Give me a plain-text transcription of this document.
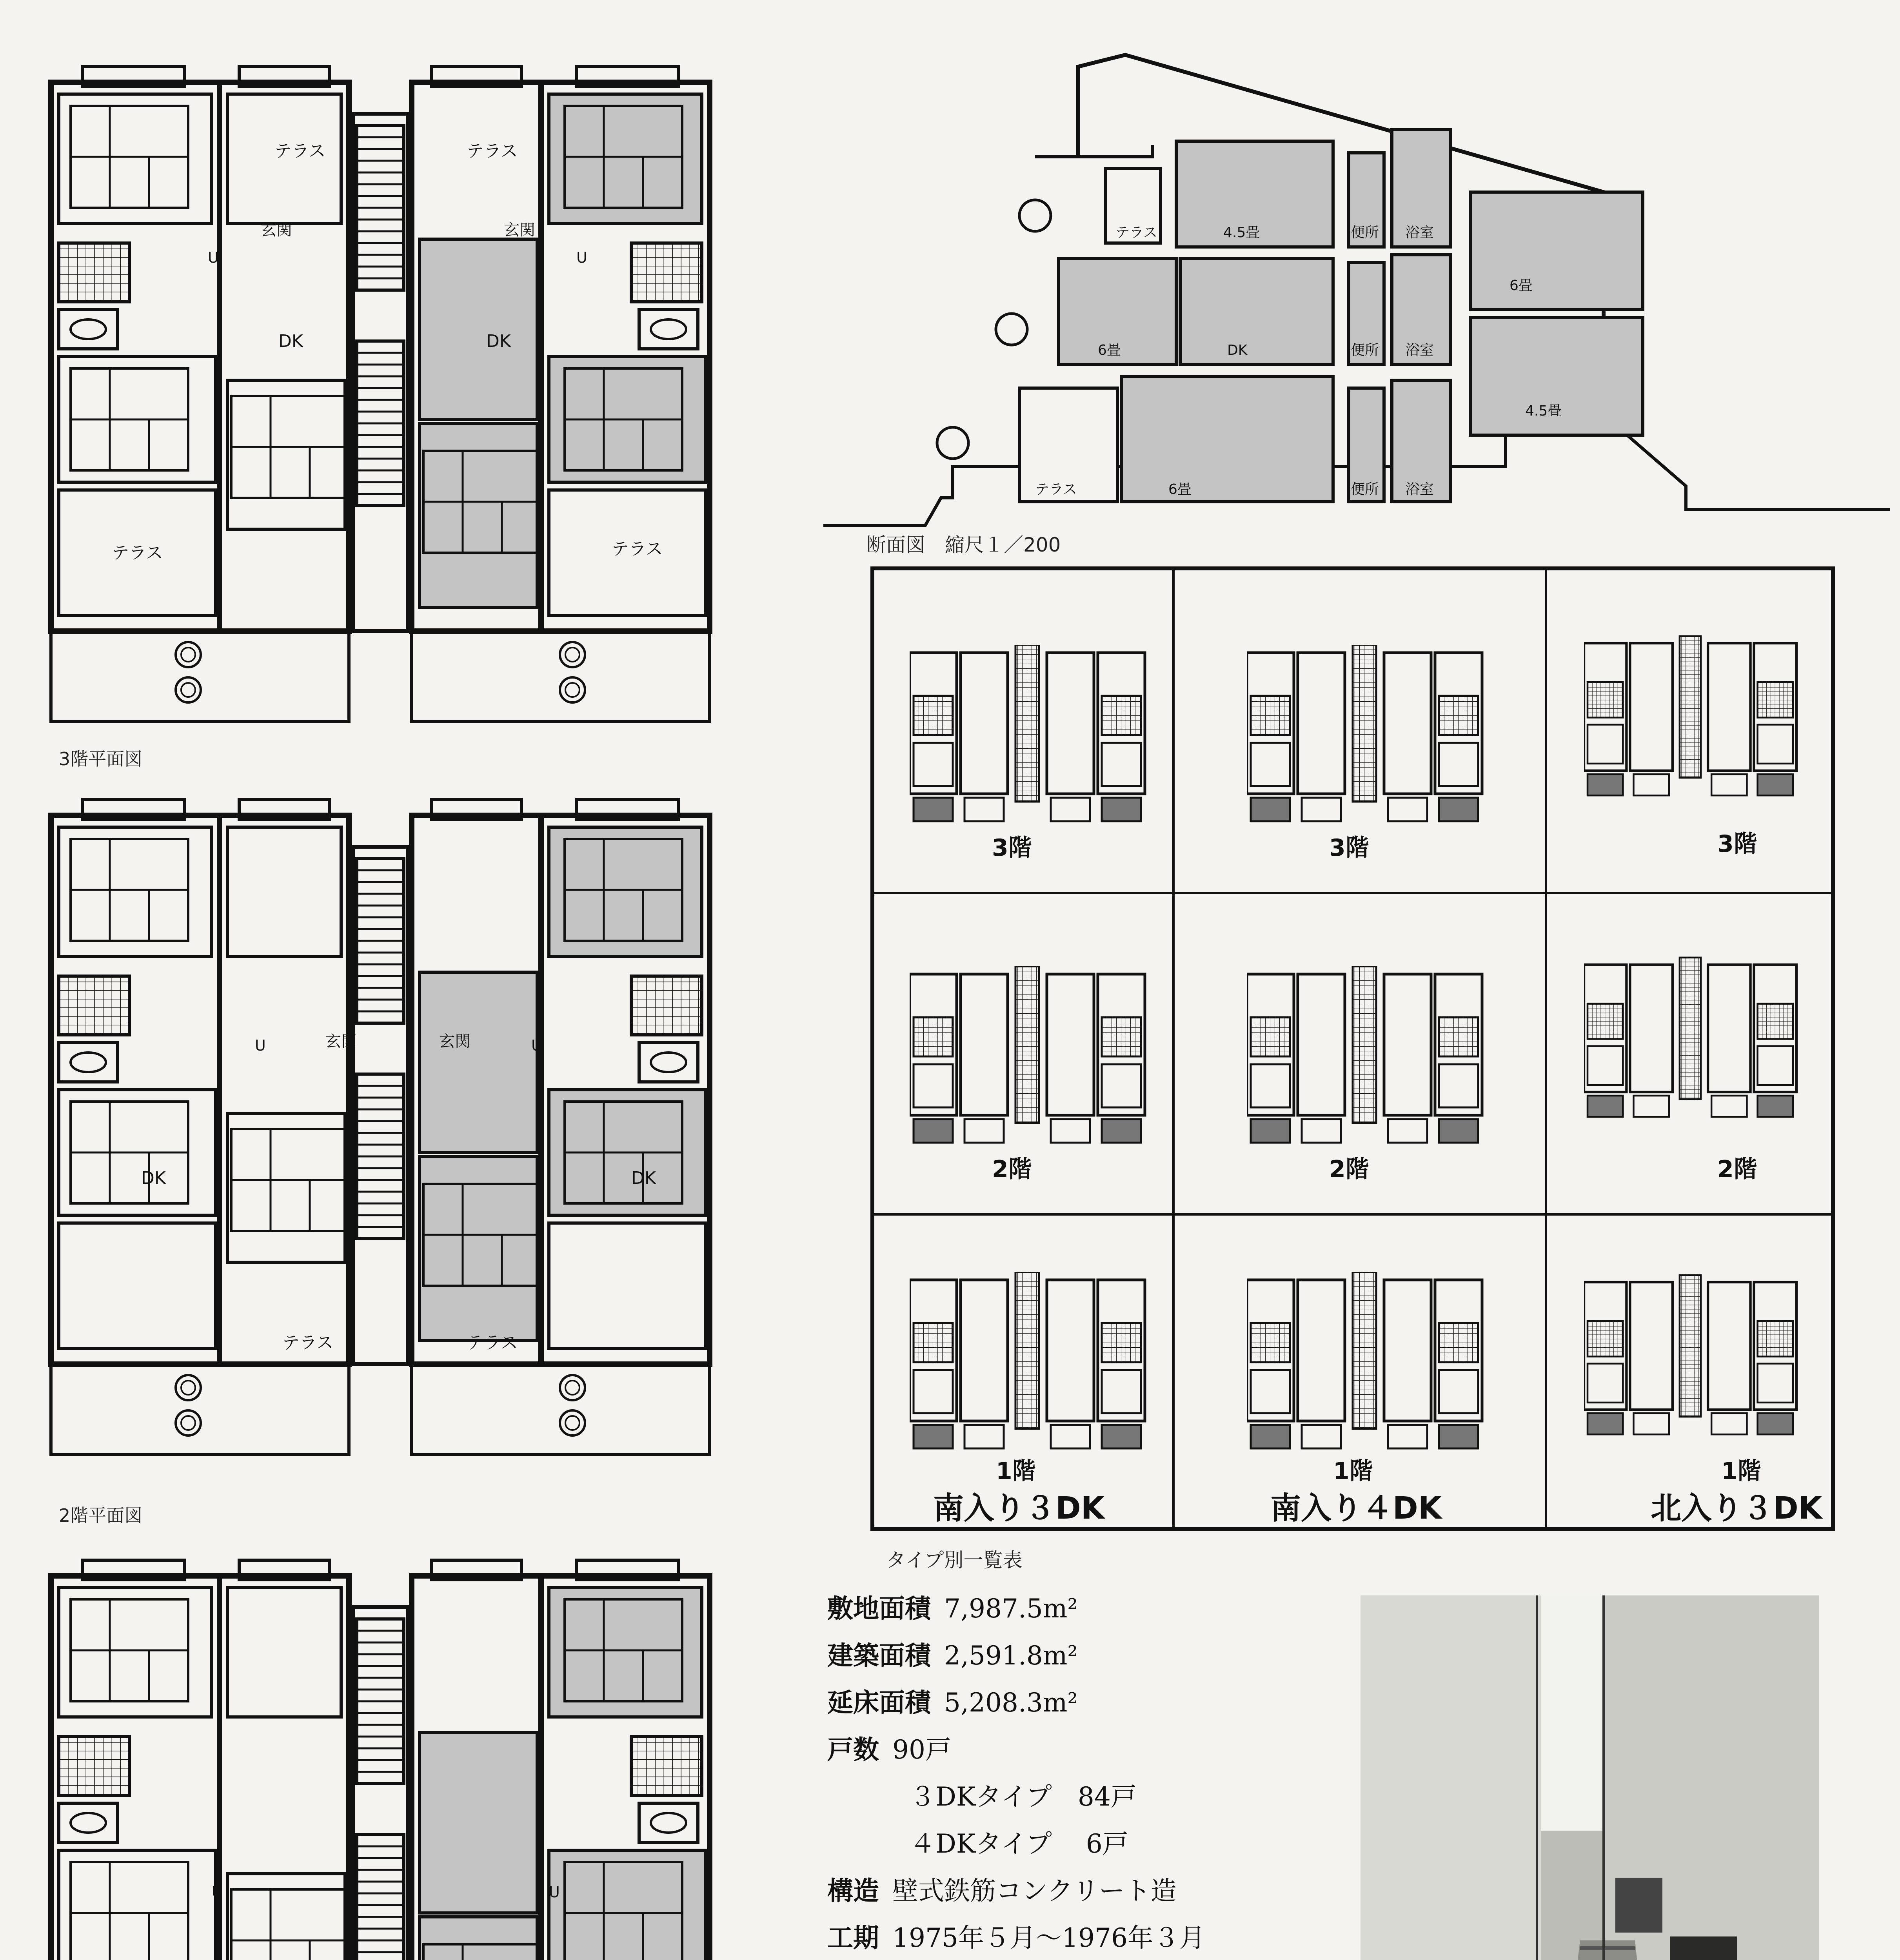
テラス	テラス
玄関	玄関
DK	DK
テラス	テラス
U	U
3階平面図
玄関	玄関
DK	DK
テラス	テラス
U	U
2階平面図
U	U
テラス	4.5畳	便所 浴室
6畳
6畳	DK	便所 浴室
4.5畳
テラス	6畳	便所 浴室
断面図　縮尺１／200
3階	3階	3階
2階	2階	2階
1階	1階	1階
南入り３DK	南入り４DK	北入り３DK
タイプ別一覧表
敷地面積 7,987.5m²
建築面積 2,591.8m²
延床面積 5,208.3m²
戸数 90戸
３DKタイプ　84戸
４DKタイプ　 6戸
構造 壁式鉄筋コンクリート造
工期 1975年５月〜1976年３月
